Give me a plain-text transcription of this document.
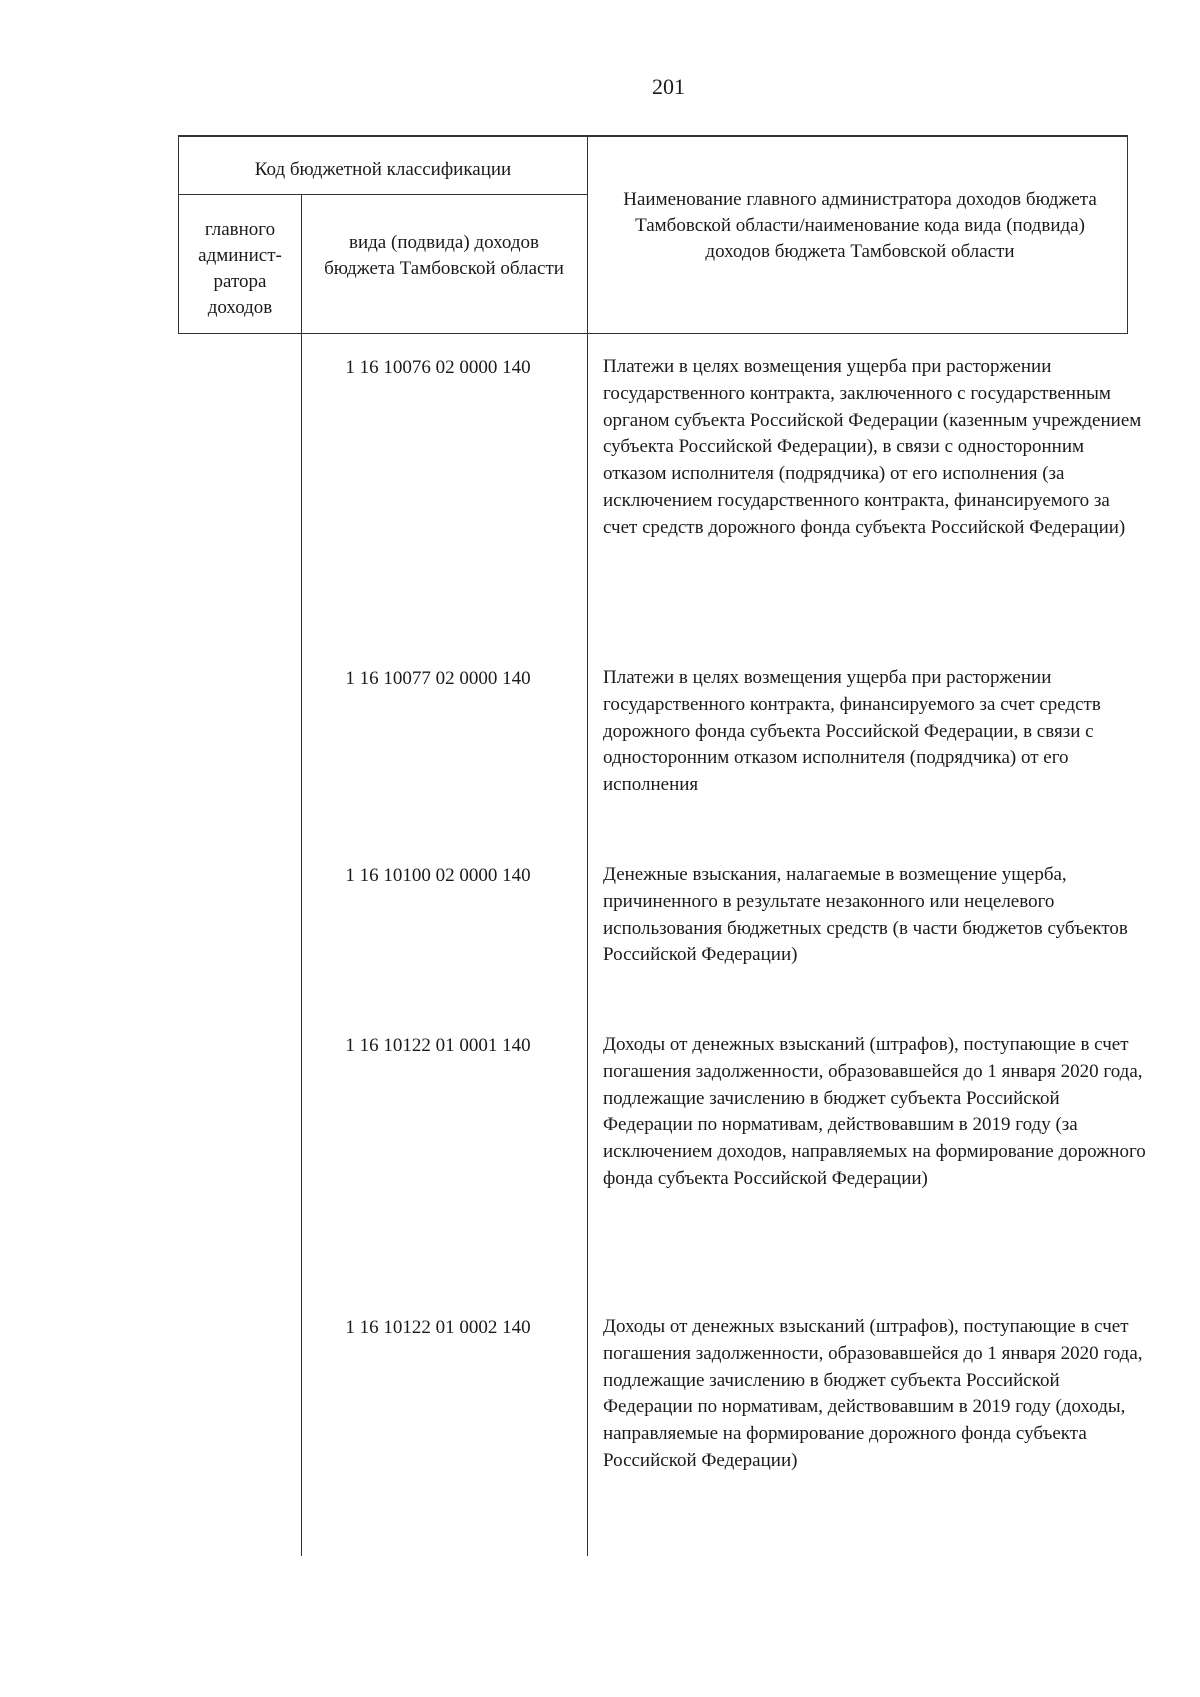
201
Код бюджетной классификации
главного админист-ратора доходов
вида (подвида) доходов бюджета Тамбовской области
Наименование главного администратора доходов бюджета Тамбовской области/наименование кода вида (подвида) доходов бюджета Тамбовской области
1 16 10076 02 0000 140	Платежи в целях возмещения ущерба при расторжении государственного контракта, заключенного с государственным органом субъекта Российской Федерации (казенным учреждением субъекта Российской Федерации), в связи с односторонним отказом исполнителя (подрядчика) от его исполнения (за исключением государственного контракта, финансируемого за счет средств дорожного фонда субъекта Российской Федерации)
1 16 10077 02 0000 140	Платежи в целях возмещения ущерба при расторжении государственного контракта, финансируемого за счет средств дорожного фонда субъекта Российской Федерации, в связи с односторонним отказом исполнителя (подрядчика) от его исполнения
1 16 10100 02 0000 140	Денежные взыскания, налагаемые в возмещение ущерба, причиненного в результате незаконного или нецелевого использования бюджетных средств (в части бюджетов субъектов Российской Федерации)
1 16 10122 01 0001 140	Доходы от денежных взысканий (штрафов), поступающие в счет погашения задолженности, образовавшейся до 1 января 2020 года, подлежащие зачислению в бюджет субъекта Российской Федерации по нормативам, действовавшим в 2019 году (за исключением доходов, направляемых на формирование дорожного фонда субъекта Российской Федерации)
1 16 10122 01 0002 140	Доходы от денежных взысканий (штрафов), поступающие в счет погашения задолженности, образовавшейся до 1 января 2020 года, подлежащие зачислению в бюджет субъекта Российской Федерации по нормативам, действовавшим в 2019 году (доходы, направляемые на формирование дорожного фонда субъекта Российской Федерации)
